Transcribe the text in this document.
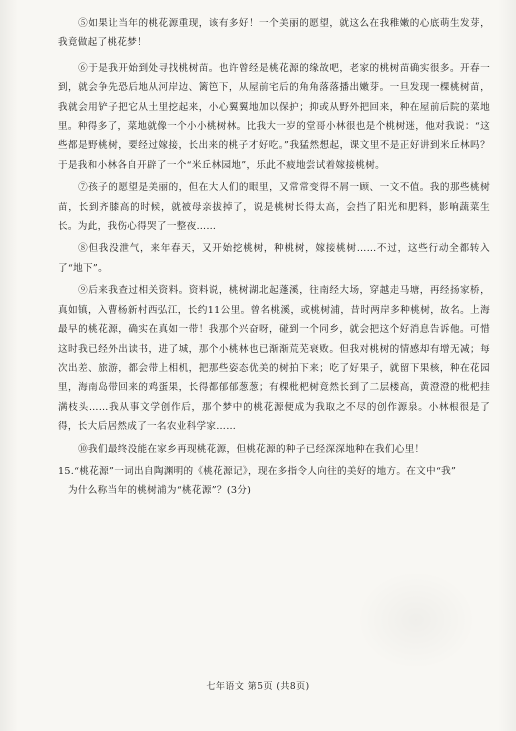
⑤如果让当年的桃花源重现，该有多好！一个美丽的愿望，就这么在我稚嫩的心底萌生发芽，我竟做起了桃花梦！

⑥于是我开始到处寻找桃树苗。也许曾经是桃花源的缘故吧，老家的桃树苗确实很多。开春一到，就会争先恐后地从河岸边、篱笆下，从屋前宅后的角角落落播出嫩芽。一旦发现一棵桃树苗，我就会用铲子把它从土里挖起来，小心翼翼地加以保护；抑或从野外把回来，种在屋前后院的菜地里。种得多了，菜地就像一个小小桃树林。比我大一岁的堂哥小林很也是个桃树迷，他对我说：“这些都是野桃树，要经过嫁接，长出来的桃子才好吃。”我猛然想起，课文里不是正好讲到米丘林吗？于是我和小林各自开辟了一个“米丘林园地”，乐此不疲地尝试着嫁接桃树。

⑦孩子的愿望是美丽的，但在大人们的眼里，又常常变得不屑一顾、一文不值。我的那些桃树苗，长到齐膝高的时候，就被母亲拔掉了，说是桃树长得太高，会挡了阳光和肥料，影响蔬菜生长。为此，我伤心得哭了一整夜……

⑧但我没泄气，来年春天，又开始挖桃树，种桃树，嫁接桃树……不过，这些行动全都转入了“地下”。

⑨后来我查过相关资料。资料说，桃树湖北起蓬溪，往南经大场，穿越走马塘，再经扬家桥，真如镇，入曹杨新村西弘江，长约11公里。曾名桃溪，或桃树浦，昔时两岸多种桃树，故名。上海最早的桃花源，确实在真如一带！我那个兴奋呀，碰到一个同乡，就会把这个好消息告诉他。可惜这时我已经外出读书，进了城，那个小桃林也已渐渐荒芜衰败。但我对桃树的情感却有增无减；每次出差、旅游，都会带上相机，把那些姿态优美的树拍下来；吃了好果子，就留下果核，种在花园里，海南岛带回来的鸡蛋果，长得都郁郁葱葱；有棵枇杷树竟然长到了二层楼高，黄澄澄的枇杷挂满枝头……我从事文学创作后，那个梦中的桃花源便成为我取之不尽的创作源泉。小林根很是了得，长大后居然成了一名农业科学家……

⑩我们最终没能在家乡再现桃花源，但桃花源的种子已经深深地种在我们心里！

15.“桃花源”一词出自陶渊明的《桃花源记》，现在多指令人向往的美好的地方。在文中“我”
为什么称当年的桃树浦为“桃花源”？(3分)

七年语文 第5页 (共8页)
